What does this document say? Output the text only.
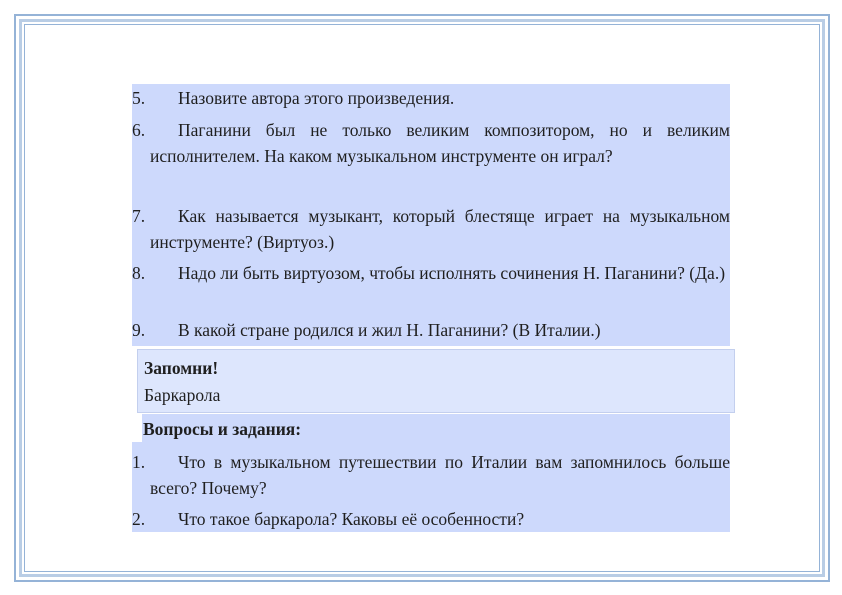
5.	Назовите автора этого произведения.
6.	Паганини был не только великим композитором, но и великим исполнителем. На каком музыкальном инструменте он играл?
7.	Как называется музыкант, который блестяще играет на музыкальном инструменте? (Виртуоз.)
8.	Надо ли быть виртуозом, чтобы исполнять сочинения Н. Паганини? (Да.)
9.	В какой стране родился и жил Н. Паганини? (В Италии.)
Запомни!
Баркарола
1.	Что в музыкальном путешествии по Италии вам запомнилось больше всего? Почему?
2.	Что такое баркарола? Каковы её особенности?
Вопросы и задания:
